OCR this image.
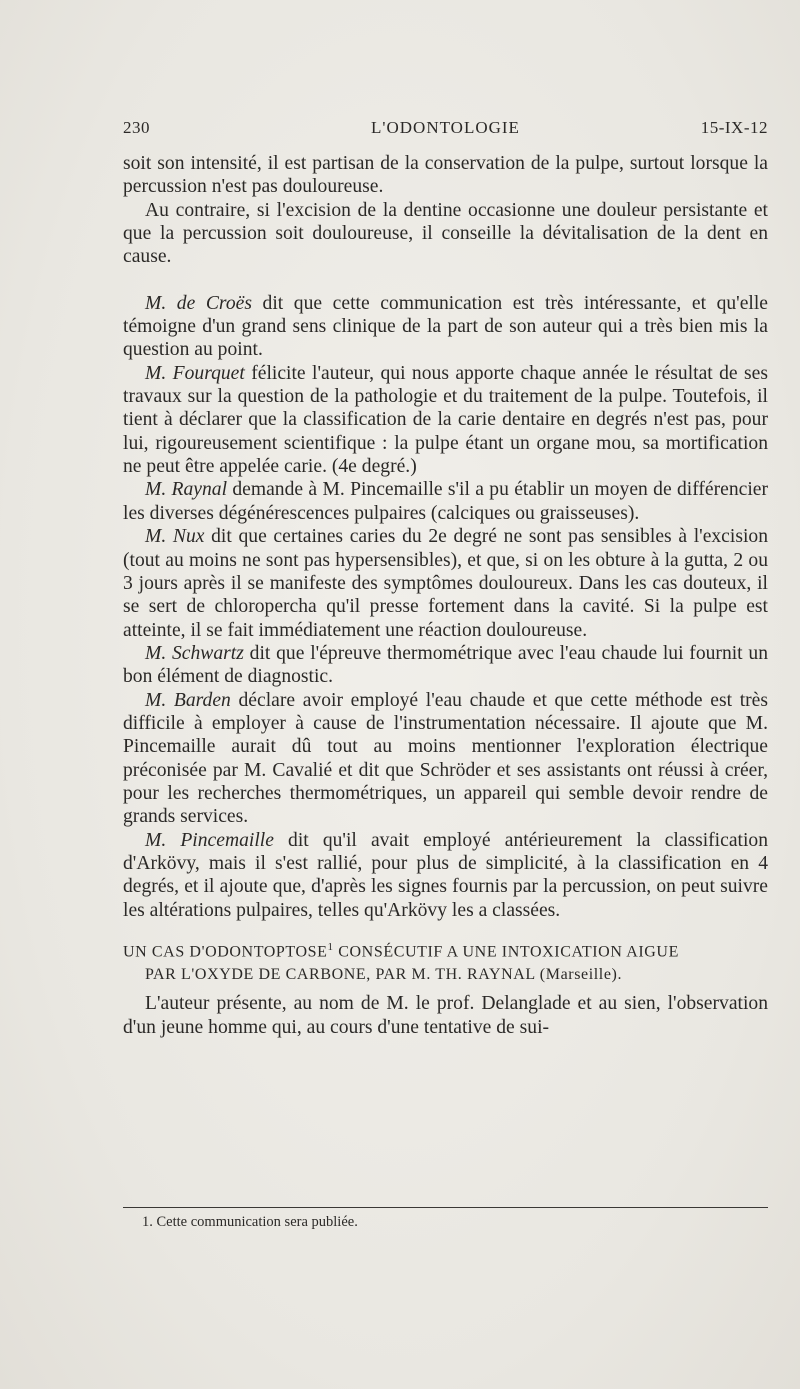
230	L'ODONTOLOGIE	15-IX-12

soit son intensité, il est partisan de la conservation de la pulpe, surtout lorsque la percussion n'est pas douloureuse.

Au contraire, si l'excision de la dentine occasionne une douleur persistante et que la percussion soit douloureuse, il conseille la dévitalisation de la dent en cause.

M. de Croës dit que cette communication est très intéressante, et qu'elle témoigne d'un grand sens clinique de la part de son auteur qui a très bien mis la question au point.

M. Fourquet félicite l'auteur, qui nous apporte chaque année le résultat de ses travaux sur la question de la pathologie et du traitement de la pulpe. Toutefois, il tient à déclarer que la classification de la carie dentaire en degrés n'est pas, pour lui, rigoureusement scientifique : la pulpe étant un organe mou, sa mortification ne peut être appelée carie. (4e degré.)

M. Raynal demande à M. Pincemaille s'il a pu établir un moyen de différencier les diverses dégénérescences pulpaires (calciques ou graisseuses).

M. Nux dit que certaines caries du 2e degré ne sont pas sensibles à l'excision (tout au moins ne sont pas hypersensibles), et que, si on les obture à la gutta, 2 ou 3 jours après il se manifeste des symptômes douloureux. Dans les cas douteux, il se sert de chloropercha qu'il presse fortement dans la cavité. Si la pulpe est atteinte, il se fait immédiatement une réaction douloureuse.

M. Schwartz dit que l'épreuve thermométrique avec l'eau chaude lui fournit un bon élément de diagnostic.

M. Barden déclare avoir employé l'eau chaude et que cette méthode est très difficile à employer à cause de l'instrumentation nécessaire. Il ajoute que M. Pincemaille aurait dû tout au moins mentionner l'exploration électrique préconisée par M. Cavalié et dit que Schröder et ses assistants ont réussi à créer, pour les recherches thermométriques, un appareil qui semble devoir rendre de grands services.

M. Pincemaille dit qu'il avait employé antérieurement la classification d'Arkövy, mais il s'est rallié, pour plus de simplicité, à la classification en 4 degrés, et il ajoute que, d'après les signes fournis par la percussion, on peut suivre les altérations pulpaires, telles qu'Arkövy les a classées.

UN CAS D'ODONTOPTOSE$^1$ CONSÉCUTIF A UNE INTOXICATION AIGUE
PAR L'OXYDE DE CARBONE, PAR M. TH. RAYNAL (Marseille).

L'auteur présente, au nom de M. le prof. Delanglade et au sien, l'observation d'un jeune homme qui, au cours d'une tentative de sui-

1. Cette communication sera publiée.
